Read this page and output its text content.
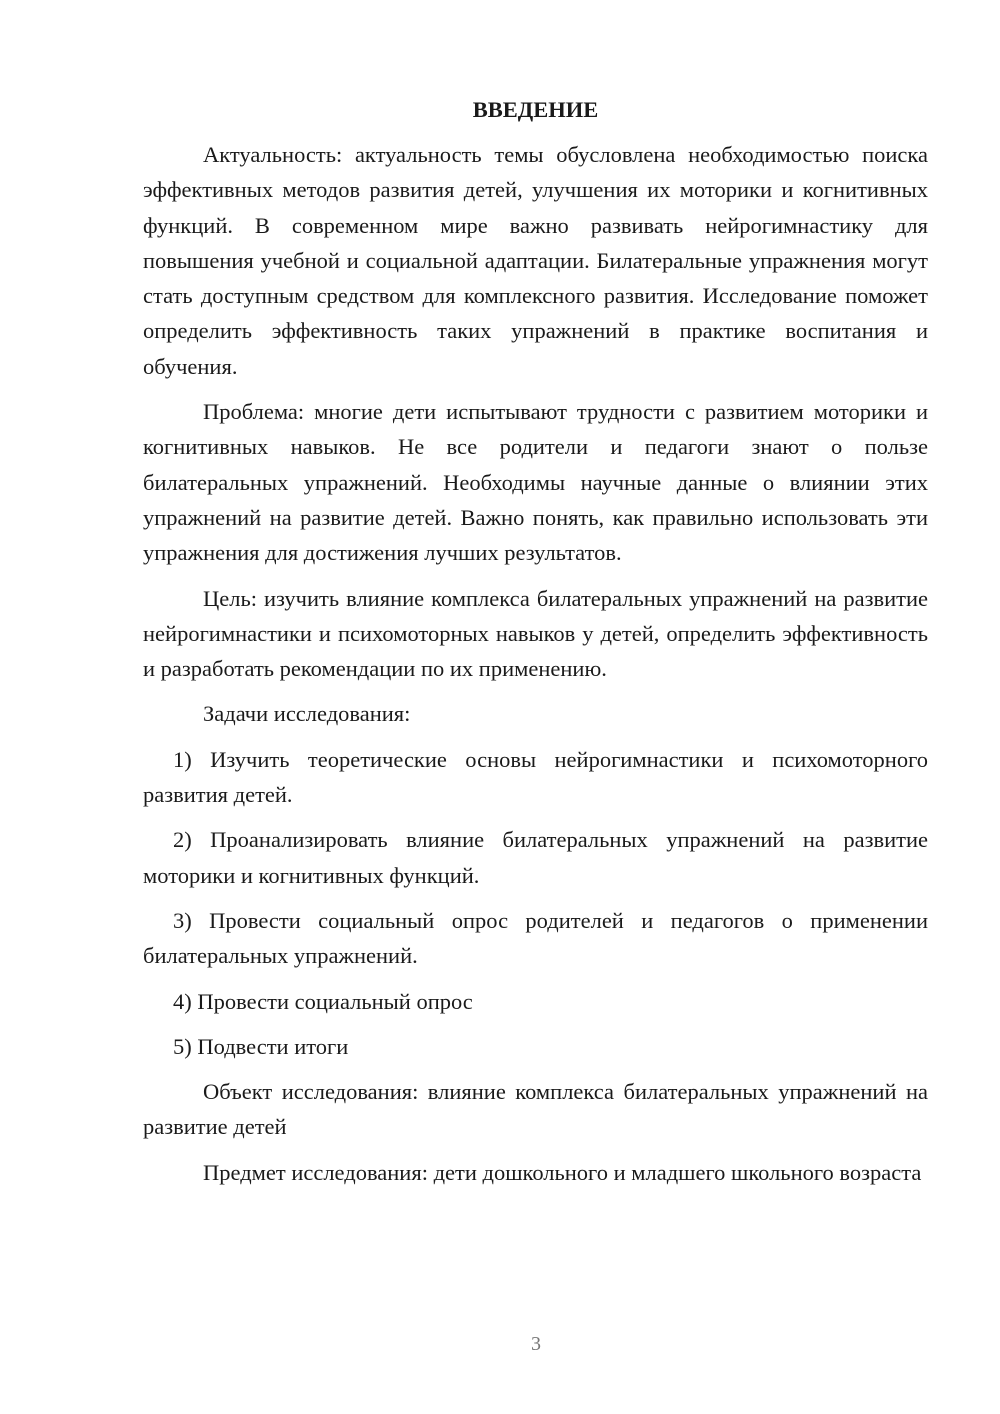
ВВЕДЕНИЕ

Актуальность: актуальность темы обусловлена необходимостью поиска эффективных методов развития детей, улучшения их моторики и когнитивных функций. В современном мире важно развивать нейрогимнастику для повышения учебной и социальной адаптации. Билатеральные упражнения могут стать доступным средством для комплексного развития. Исследование поможет определить эффективность таких упражнений в практике воспитания и обучения.

Проблема: многие дети испытывают трудности с развитием моторики и когнитивных навыков. Не все родители и педагоги знают о пользе билатеральных упражнений. Необходимы научные данные о влиянии этих упражнений на развитие детей. Важно понять, как правильно использовать эти упражнения для достижения лучших результатов.

Цель: изучить влияние комплекса билатеральных упражнений на развитие нейрогимнастики и психомоторных навыков у детей, определить эффективность и разработать рекомендации по их применению.

Задачи исследования:

1) Изучить теоретические основы нейрогимнастики и психомоторного развития детей.

2) Проанализировать влияние билатеральных упражнений на развитие моторики и когнитивных функций.

3) Провести социальный опрос родителей и педагогов о применении билатеральных упражнений.

4) Провести социальный опрос

5) Подвести итоги

Объект исследования: влияние комплекса билатеральных упражнений на развитие детей

Предмет исследования: дети дошкольного и младшего школьного возраста

3
